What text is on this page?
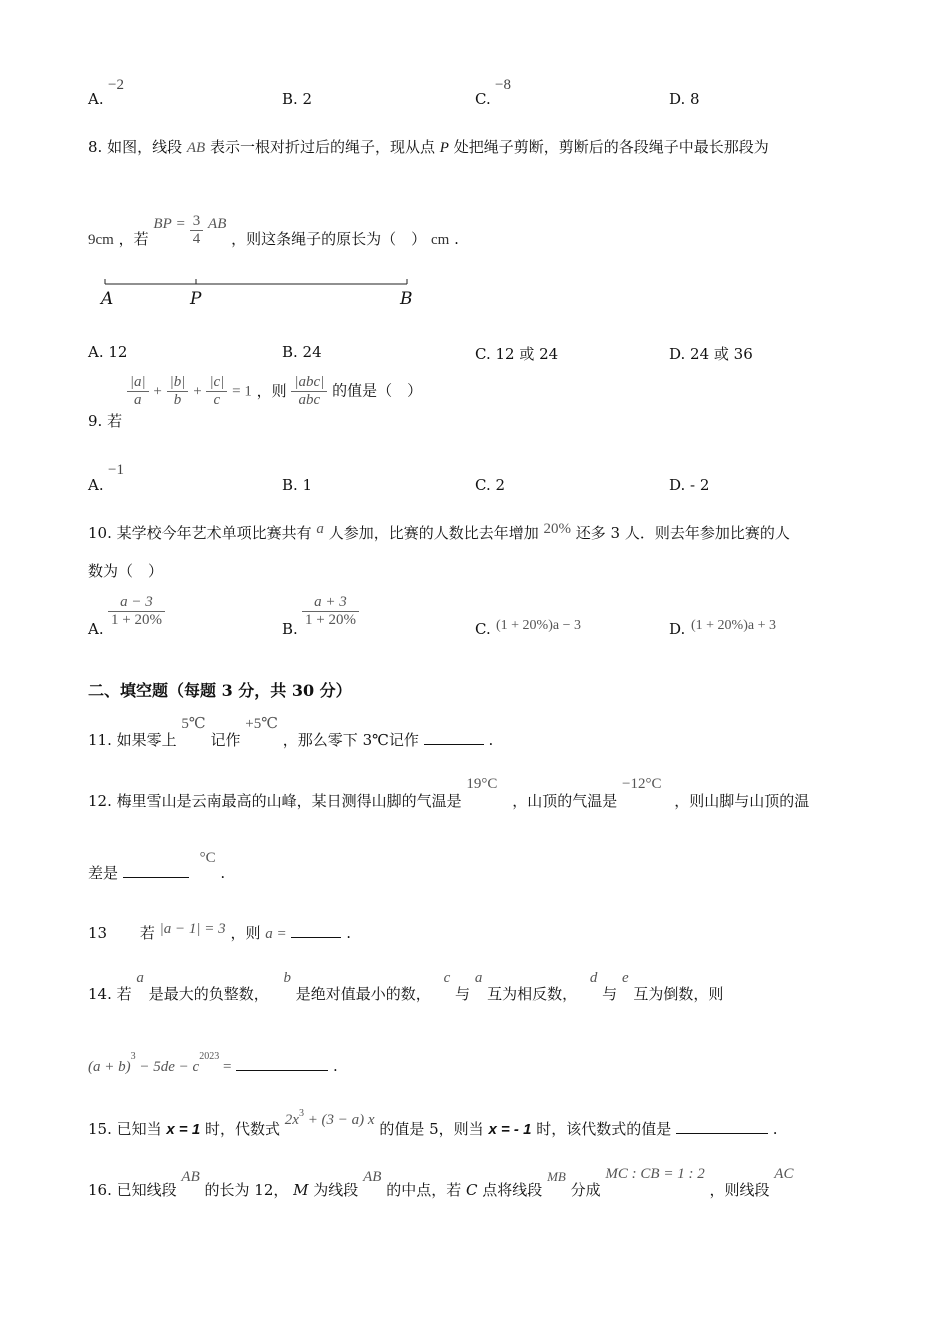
A.
−2
B. 2	C.
−8
D. 8
8. 如图，线段 AB 表示一根对折过后的绳子，现从点 P 处把绳子剪断，剪断后的各段绳子中最长那段为
9cm ，若 BP = $\frac{3}{4}$ AB ，则这条绳子的原长为（　） cm .
A	P	B
A. 12	B. 24	C. 12 或 24	D. 24 或 36
9. 若
$\frac{|a|}{a} + \frac{|b|}{b} + \frac{|c|}{c} = 1$ ，则 $\frac{\text{|abc|}}{\text{abc}}$ 的值是（　）
A.
−1
B. 1	C. 2	D. - 2
10. 某学校今年艺术单项比赛共有 a 人参加，比赛的人数比去年增加 20% 还多 3 人．则去年参加比赛的人
数为（　）
A. $\frac{a - 3}{1 + 20\%}$	B. $\frac{a + 3}{1 + 20\%}$	C. (1 + 20%)a − 3	D. (1 + 20%)a + 3
二、填空题（每题 3 分，共 30 分）
11. 如果零上 5℃ 记作 +5℃ ，那么零下 3℃记作	.
12. 梅里雪山是云南最高的山峰，某日测得山脚的气温是 19°C ，山顶的气温是 −12°C ，则山脚与山顶的温
差是  °C .
13 若 |a − 1| = 3 ，则 a =	.
14. 若 a 是最大的负整数， b 是绝对值最小的数， c 与 a 互为相反数， d 与 e 互为倒数，则
(a + b)3 − 5de − c2023 =	.
15. 已知当 x = 1 时，代数式 $2x^3 + (3 - a)$ x 的值是 5，则当 x = - 1 时，该代数式的值是	.
16. 已知线段 AB 的长为 12， M 为线段 AB 的中点，若 C 点将线段 MB 分成 MC : CB = 1 : 2 ，则线段 AC
